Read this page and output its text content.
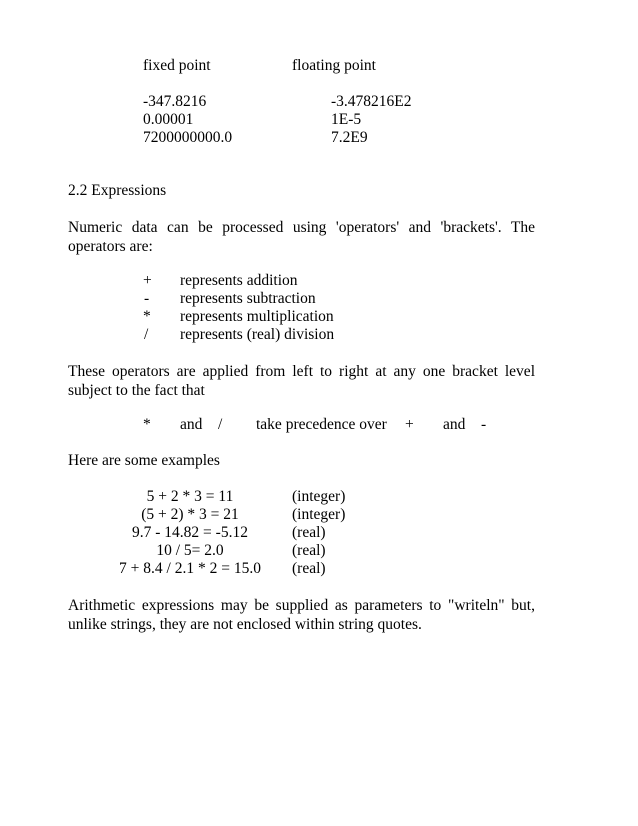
fixed point	floating point
-347.8216	-3.478216E2
0.00001	1E-5
7200000000.0	7.2E9
2.2 Expressions

Numeric data can be processed using 'operators' and 'brackets'. The operators are:

+ represents addition
- represents subtraction
* represents multiplication
/ represents (real) division

These operators are applied from left to right at any one bracket level subject to the fact that

* and / take precedence over + and -
Here are some examples
5 + 2 * 3 = 11	(integer)
(5 + 2) * 3 = 21	(integer)
9.7 - 14.82 = -5.12	(real)
10 / 5= 2.0	(real)
7 + 8.4 / 2.1 * 2 = 15.0	(real)

Arithmetic expressions may be supplied as parameters to "writeln" but, unlike strings, they are not enclosed within string quotes.
